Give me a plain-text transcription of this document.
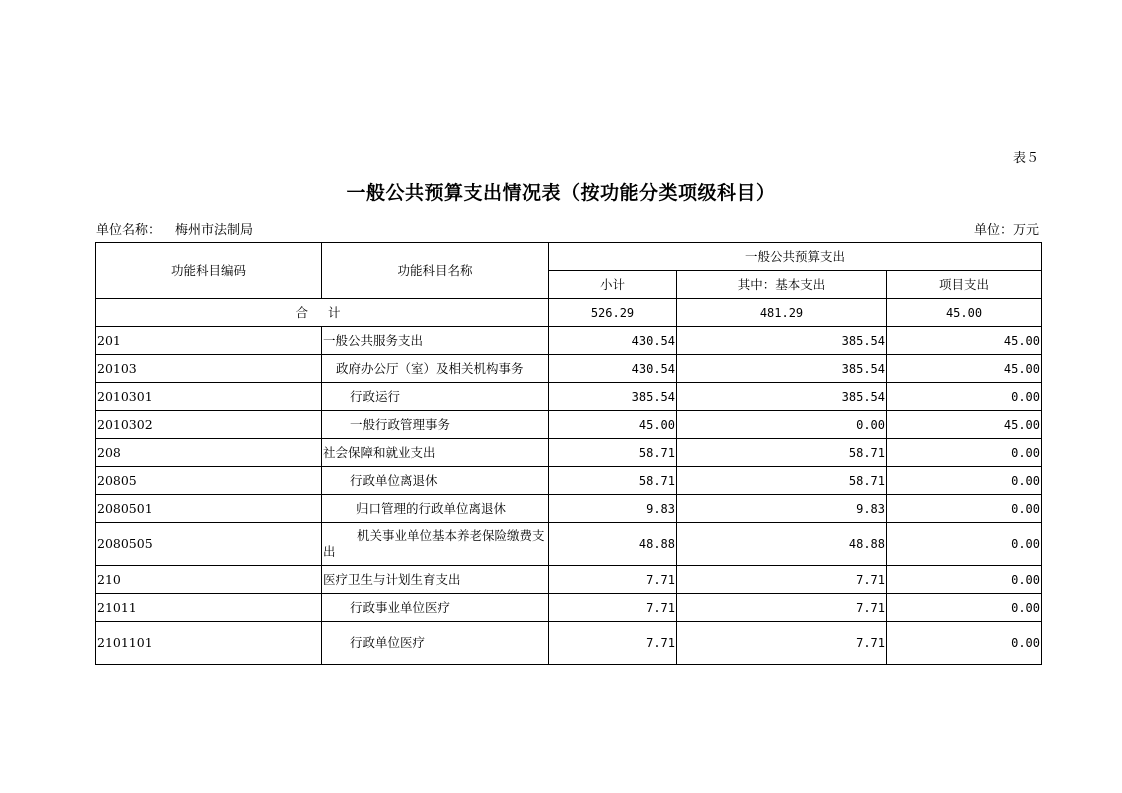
表５
一般公共预算支出情况表（按功能分类项级科目）
单位名称： 梅州市法制局	单位：万元
功能科目编码	功能科目名称	一般公共预算支出		
		小计	其中：基本支出	项目支出
合 计		526.29	481.29	45.00
201	一般公共服务支出	430.54	385.54	45.00
20103	政府办公厅（室）及相关机构事务	430.54	385.54	45.00
2010301	行政运行	385.54	385.54	0.00
2010302	一般行政管理事务	45.00	0.00	45.00
208	社会保障和就业支出	58.71	58.71	0.00
20805	行政单位离退休	58.71	58.71	0.00
2080501	归口管理的行政单位离退休	9.83	9.83	0.00
2080505	机关事业单位基本养老保险缴费支出	48.88	48.88	0.00
210	医疗卫生与计划生育支出	7.71	7.71	0.00
21011	行政事业单位医疗	7.71	7.71	0.00
2101101	行政单位医疗	7.71	7.71	0.00
